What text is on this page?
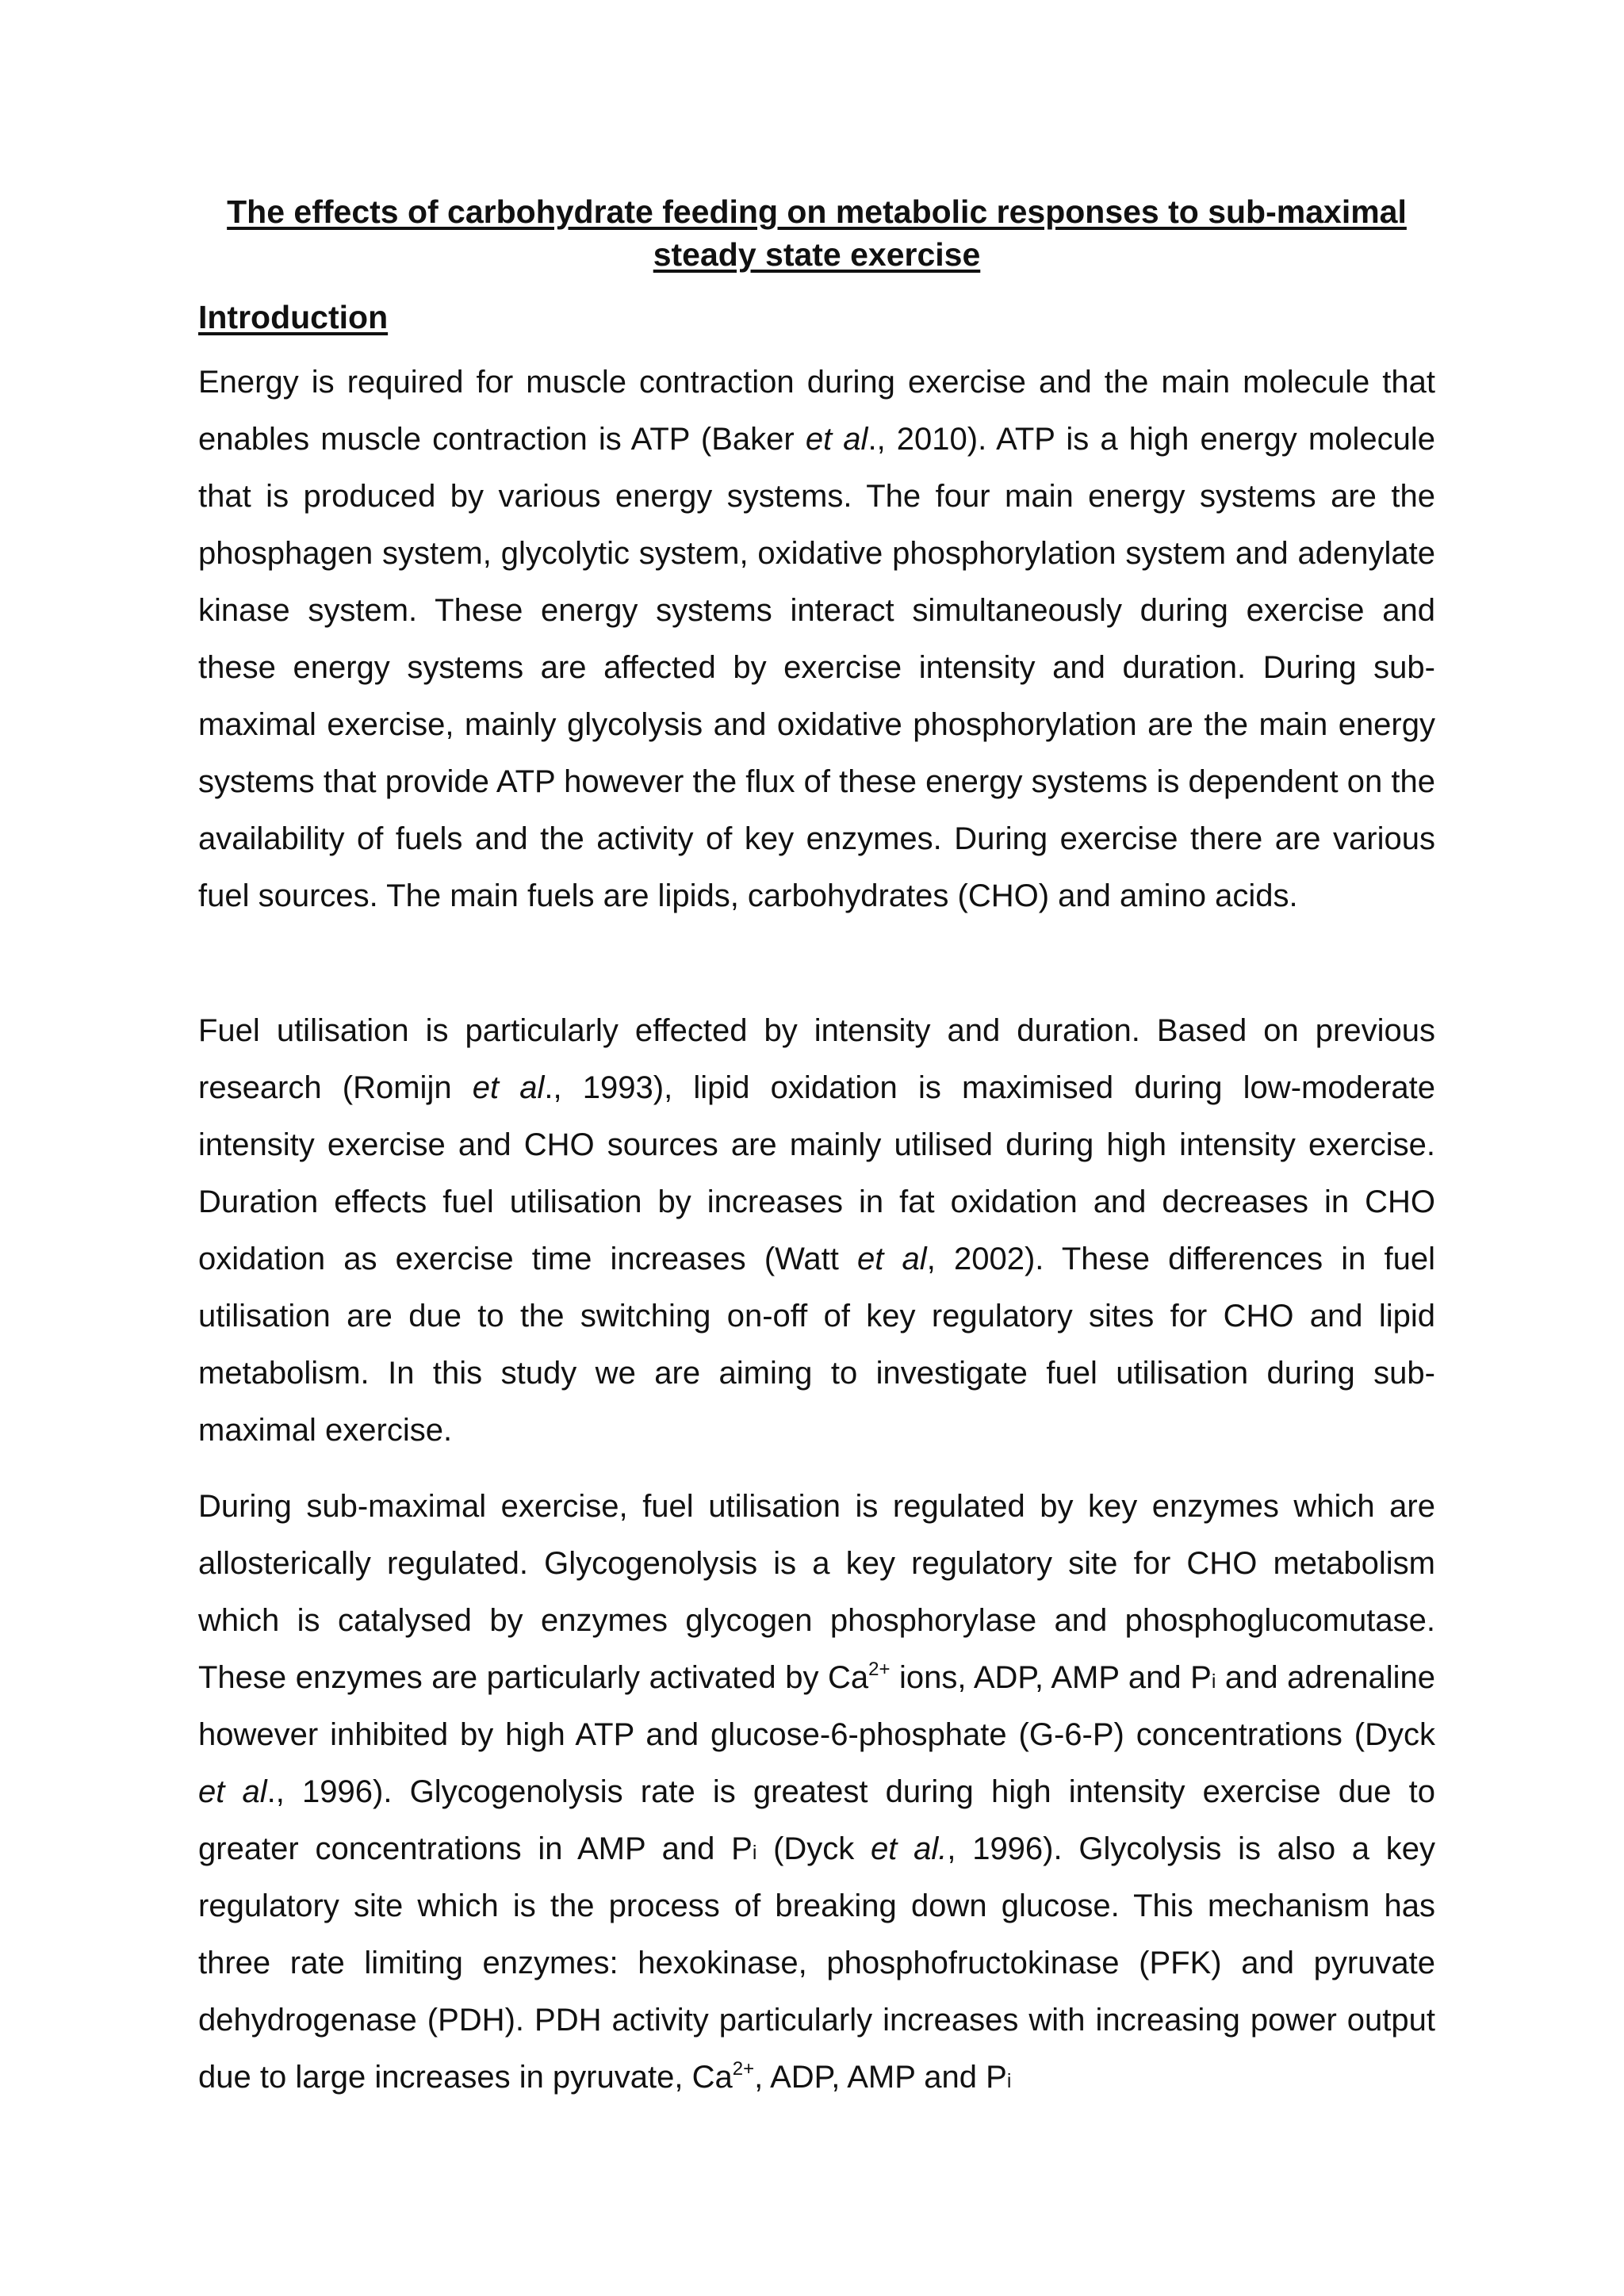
The effects of carbohydrate feeding on metabolic responses to sub-maximal
steady state exercise
Introduction

Energy is required for muscle contraction during exercise and the main molecule that enables muscle contraction is ATP (Baker et al., 2010). ATP is a high energy molecule that is produced by various energy systems. The four main energy systems are the phosphagen system, glycolytic system, oxidative phosphorylation system and adenylate kinase system. These energy systems interact simultaneously during exercise and these energy systems are affected by exercise intensity and duration. During sub-maximal exercise, mainly glycolysis and oxidative phosphorylation are the main energy systems that provide ATP however the flux of these energy systems is dependent on the availability of fuels and the activity of key enzymes. During exercise there are various fuel sources. The main fuels are lipids, carbohydrates (CHO) and amino acids.

Fuel utilisation is particularly effected by intensity and duration. Based on previous research (Romijn et al., 1993), lipid oxidation is maximised during low-moderate intensity exercise and CHO sources are mainly utilised during high intensity exercise. Duration effects fuel utilisation by increases in fat oxidation and decreases in CHO oxidation as exercise time increases (Watt et al, 2002). These differences in fuel utilisation are due to the switching on-off of key regulatory sites for CHO and lipid metabolism. In this study we are aiming to investigate fuel utilisation during sub-maximal exercise.

During sub-maximal exercise, fuel utilisation is regulated by key enzymes which are allosterically regulated. Glycogenolysis is a key regulatory site for CHO metabolism which is catalysed by enzymes glycogen phosphorylase and phosphoglucomutase. These enzymes are particularly activated by $Ca^{2+}$ ions, ADP, AMP and Pi and adrenaline however inhibited by high ATP and glucose-6-phosphate (G-6-P) concentrations (Dyck et al., 1996). Glycogenolysis rate is greatest during high intensity exercise due to greater concentrations in AMP and Pi (Dyck et al., 1996). Glycolysis is also a key regulatory site which is the process of breaking down glucose. This mechanism has three rate limiting enzymes: hexokinase, phosphofructokinase (PFK) and pyruvate dehydrogenase (PDH). PDH activity particularly increases with increasing power output due to large increases in pyruvate, $Ca^{2+}$, ADP, AMP and Pi
